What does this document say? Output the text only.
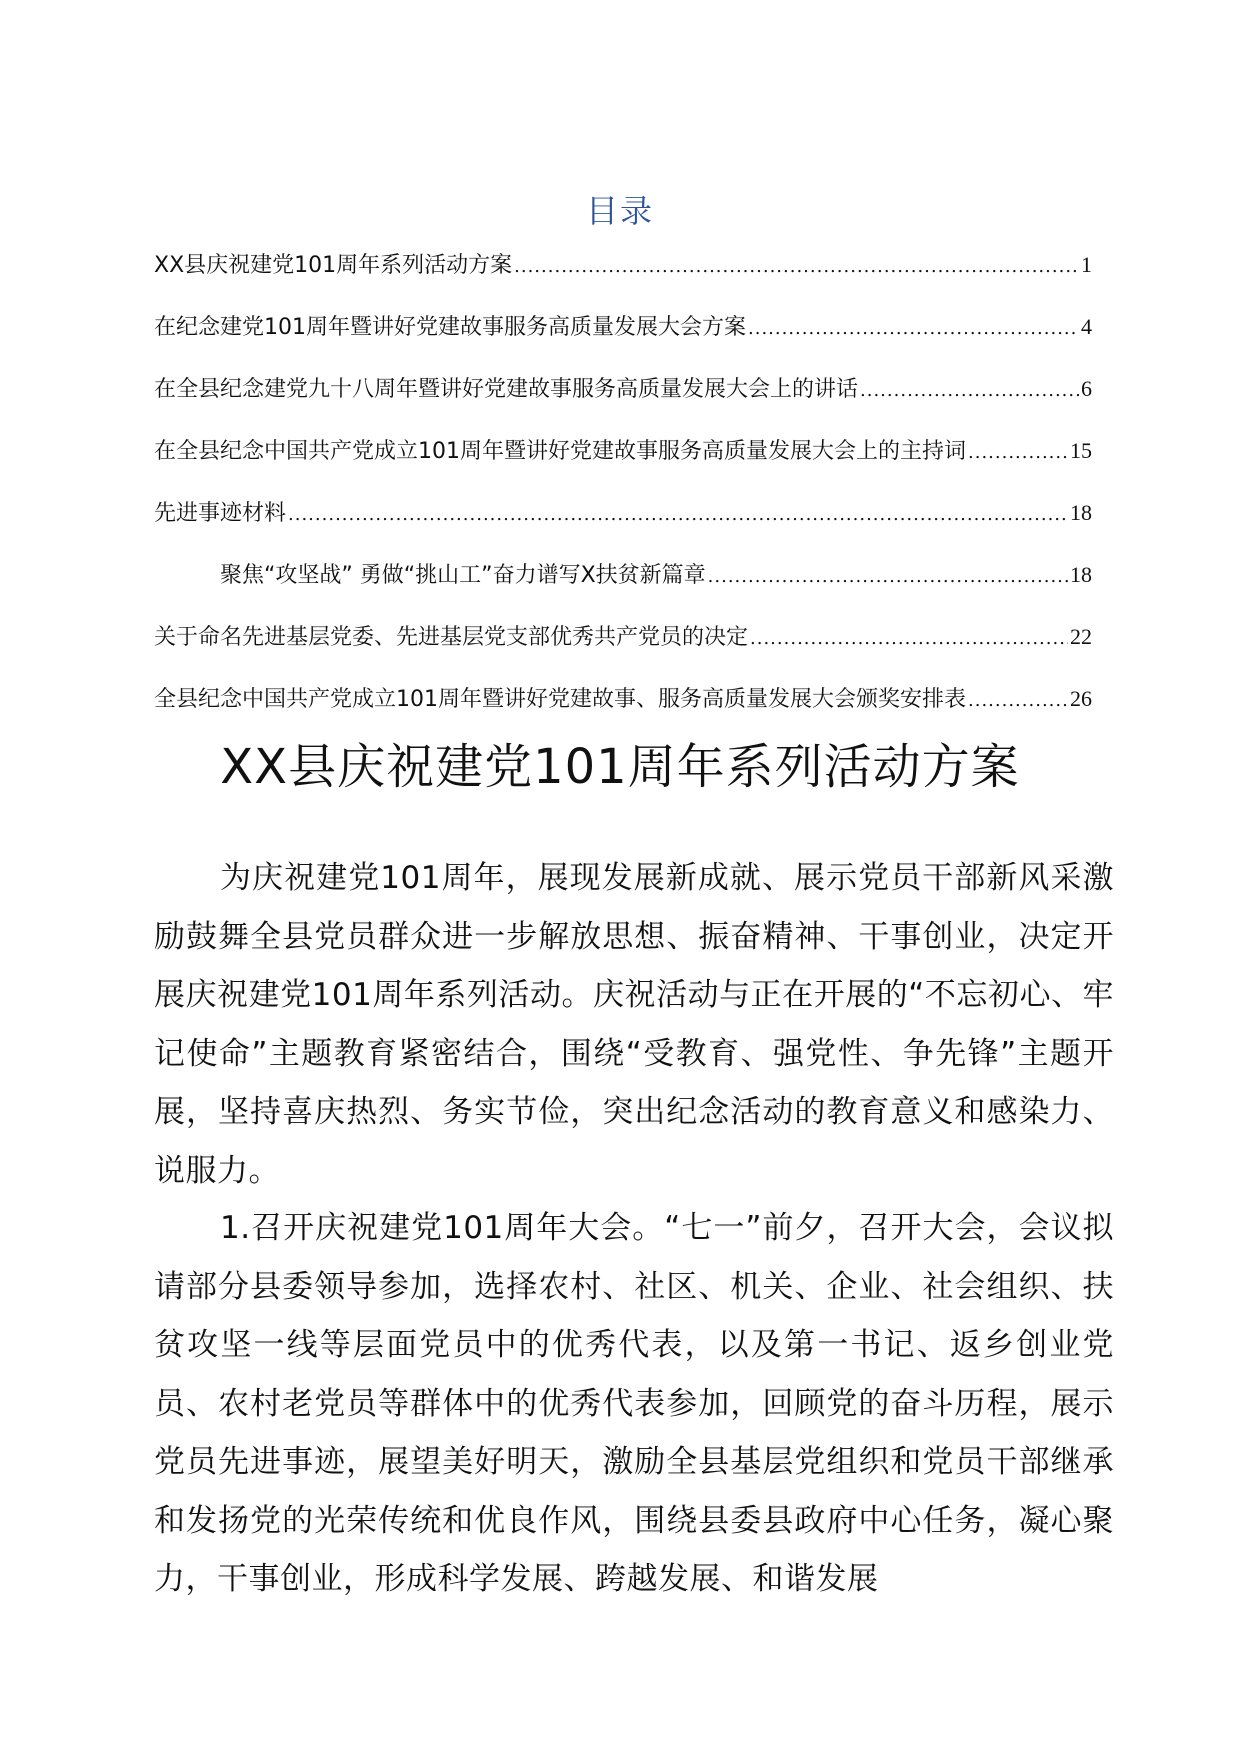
目录
XX县庆祝建党101周年系列活动方案 .....	1
在纪念建党101周年暨讲好党建故事服务高质量发展大会方案 .....	4
在全县纪念建党九十八周年暨讲好党建故事服务高质量发展大会上的讲话 .....	6
在全县纪念中国共产党成立101周年暨讲好党建故事服务高质量发展大会上的主持词 .....	15
先进事迹材料 .....	18
聚焦“攻坚战” 勇做“挑山工”奋力谱写X扶贫新篇章 .....	18
关于命名先进基层党委、先进基层党支部优秀共产党员的决定 .....	22
全县纪念中国共产党成立101周年暨讲好党建故事、服务高质量发展大会颁奖安排表 .....	26
XX县庆祝建党101周年系列活动方案

为庆祝建党101周年，展现发展新成就、展示党员干部新风采激励鼓舞全县党员群众进一步解放思想、振奋精神、干事创业，决定开展庆祝建党101周年系列活动。庆祝活动与正在开展的“不忘初心、牢记使命”主题教育紧密结合，围绕“受教育、强党性、争先锋”主题开展，坚持喜庆热烈、务实节俭，突出纪念活动的教育意义和感染力、说服力。

1.召开庆祝建党101周年大会。“七一”前夕，召开大会，会议拟请部分县委领导参加，选择农村、社区、机关、企业、社会组织、扶贫攻坚一线等层面党员中的优秀代表，以及第一书记、返乡创业党员、农村老党员等群体中的优秀代表参加，回顾党的奋斗历程，展示党员先进事迹，展望美好明天，激励全县基层党组织和党员干部继承和发扬党的光荣传统和优良作风，围绕县委县政府中心任务，凝心聚力，干事创业，形成科学发展、跨越发展、和谐发展
